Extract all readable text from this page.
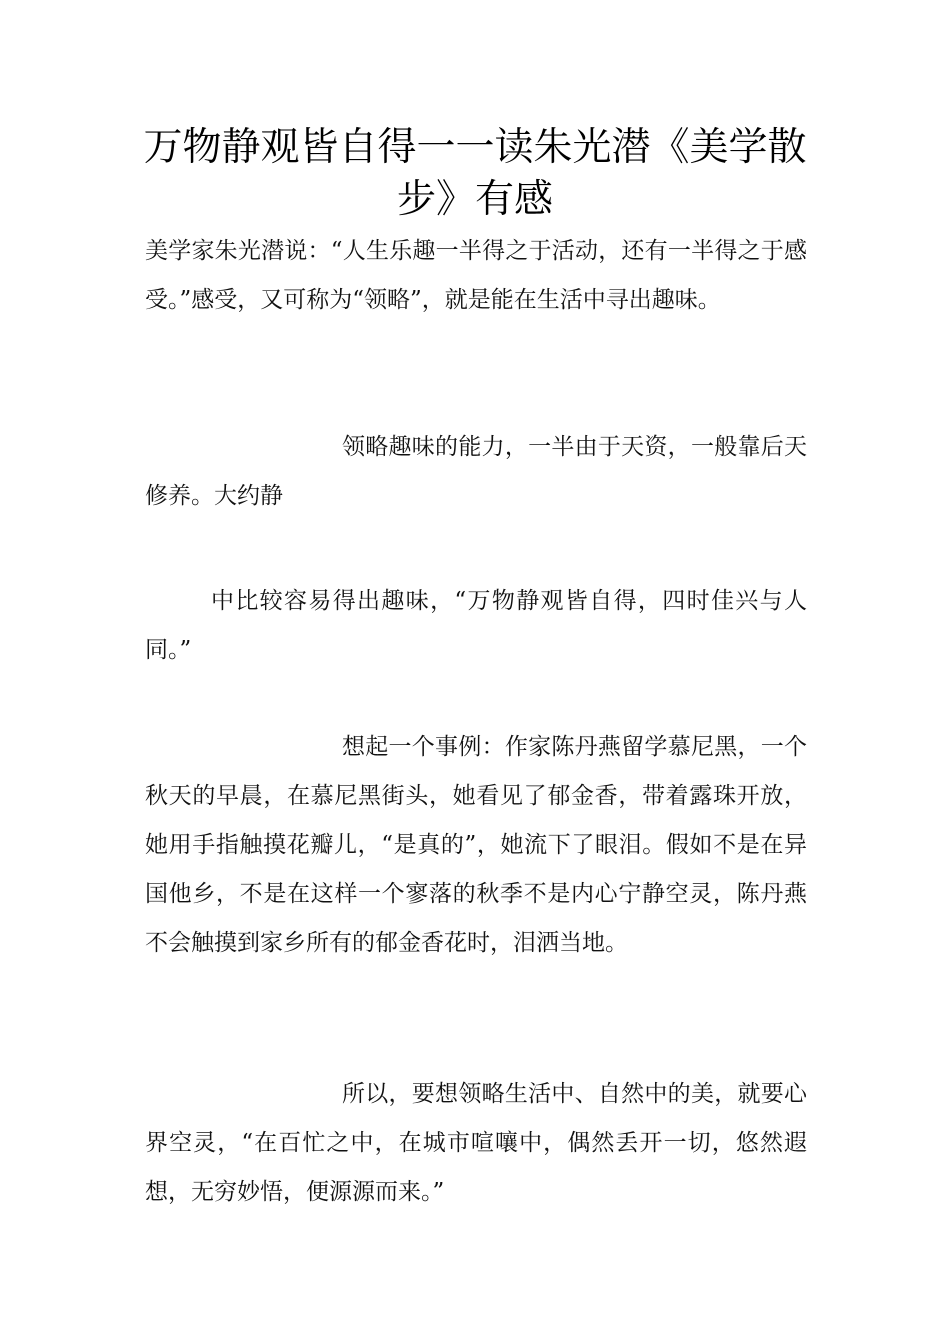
万物静观皆自得一一读朱光潜《美学散步》有感

美学家朱光潜说：“人生乐趣一半得之于活动，还有一半得之于感受。”感受，又可称为“领略”，就是能在生活中寻出趣味。

领略趣味的能力，一半由于天资，一般靠后天修养。大约静

中比较容易得出趣味，“万物静观皆自得，四时佳兴与人同。”

想起一个事例：作家陈丹燕留学慕尼黑，一个秋天的早晨，在慕尼黑街头，她看见了郁金香，带着露珠开放，她用手指触摸花瓣儿，“是真的”，她流下了眼泪。假如不是在异国他乡，不是在这样一个寥落的秋季不是内心宁静空灵，陈丹燕不会触摸到家乡所有的郁金香花时，泪洒当地。

所以，要想领略生活中、自然中的美，就要心界空灵，“在百忙之中，在城市喧嚷中，偶然丢开一切，悠然遐想，无穷妙悟，便源源而来。”
